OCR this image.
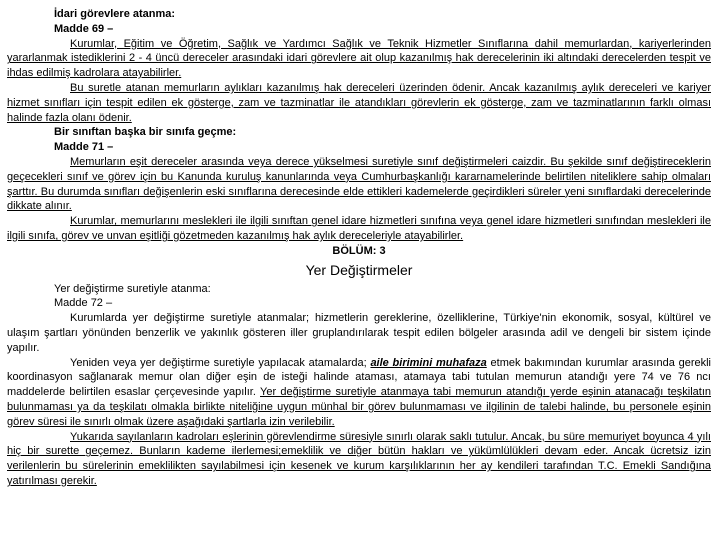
İdari görevlere atanma:
Madde 69 –
Kurumlar, Eğitim ve Öğretim, Sağlık ve Yardımcı Sağlık ve Teknik Hizmetler Sınıflarına dahil memurlardan, kariyerlerinden yararlanmak istediklerini 2 - 4 üncü dereceler arasındaki idari görevlere ait olup kazanılmış hak derecelerinin iki altındaki derecelerden tespit ve ihdas edilmiş kadrolara atayabilirler.
Bu suretle atanan memurların aylıkları kazanılmış hak dereceleri üzerinden ödenir. Ancak kazanılmış aylık dereceleri ve kariyer hizmet sınıfları için tespit edilen ek gösterge, zam ve tazminatlar ile atandıkları görevlerin ek gösterge, zam ve tazminatlarının farklı olması halinde fazla olanı ödenir.
Bir sınıftan başka bir sınıfa geçme:
Madde 71 –
Memurların eşit dereceler arasında veya derece yükselmesi suretiyle sınıf değiştirmeleri caizdir. Bu şekilde sınıf değiştireceklerin geçecekleri sınıf ve görev için bu Kanunda kuruluş kanunlarında veya Cumhurbaşkanlığı kararnamelerinde belirtilen niteliklere sahip olmaları şarttır. Bu durumda sınıfları değişenlerin eski sınıflarına derecesinde elde ettikleri kademelerde geçirdikleri süreler yeni sınıflardaki derecelerinde dikkate alınır.
Kurumlar, memurlarını meslekleri ile ilgili sınıftan genel idare hizmetleri sınıfına veya genel idare hizmetleri sınıfından meslekleri ile ilgili sınıfa, görev ve unvan eşitliği gözetmeden kazanılmış hak aylık dereceleriyle atayabilirler.
BÖLÜM: 3
Yer Değiştirmeler
Yer değiştirme suretiyle atanma:
Madde 72 –
Kurumlarda yer değiştirme suretiyle atanmalar; hizmetlerin gereklerine, özelliklerine, Türkiye'nin ekonomik, sosyal, kültürel ve ulaşım şartları yönünden benzerlik ve yakınlık gösteren iller gruplandırılarak tespit edilen bölgeler arasında adil ve dengeli bir sistem içinde yapılır.
Yeniden veya yer değiştirme suretiyle yapılacak atamalarda; aile birimini muhafaza etmek bakımından kurumlar arasında gerekli koordinasyon sağlanarak memur olan diğer eşin de isteği halinde ataması, atamaya tabi tutulan memurun atandığı yere 74 ve 76 ncı maddelerde belirtilen esaslar çerçevesinde yapılır. Yer değiştirme suretiyle atanmaya tabi memurun atandığı yerde eşinin atanacağı teşkilatın bulunmaması ya da teşkilatı olmakla birlikte niteliğine uygun münhal bir görev bulunmaması ve ilgilinin de talebi halinde, bu personele eşinin görev süresi ile sınırlı olmak üzere aşağıdaki şartlarla izin verilebilir.
Yukarıda sayılanların kadroları eşlerinin görevlendirme süresiyle sınırlı olarak saklı tutulur. Ancak, bu süre memuriyet boyunca 4 yılı hiç bir surette geçemez. Bunların kademe ilerlemesi;emeklilik ve diğer bütün hakları ve yükümlülükleri devam eder. Ancak ücretsiz izin verilenlerin bu sürelerinin emeklilikten sayılabilmesi için kesenek ve kurum karşılıklarının her ay kendileri tarafından T.C. Emekli Sandığına yatırılması gerekir.
